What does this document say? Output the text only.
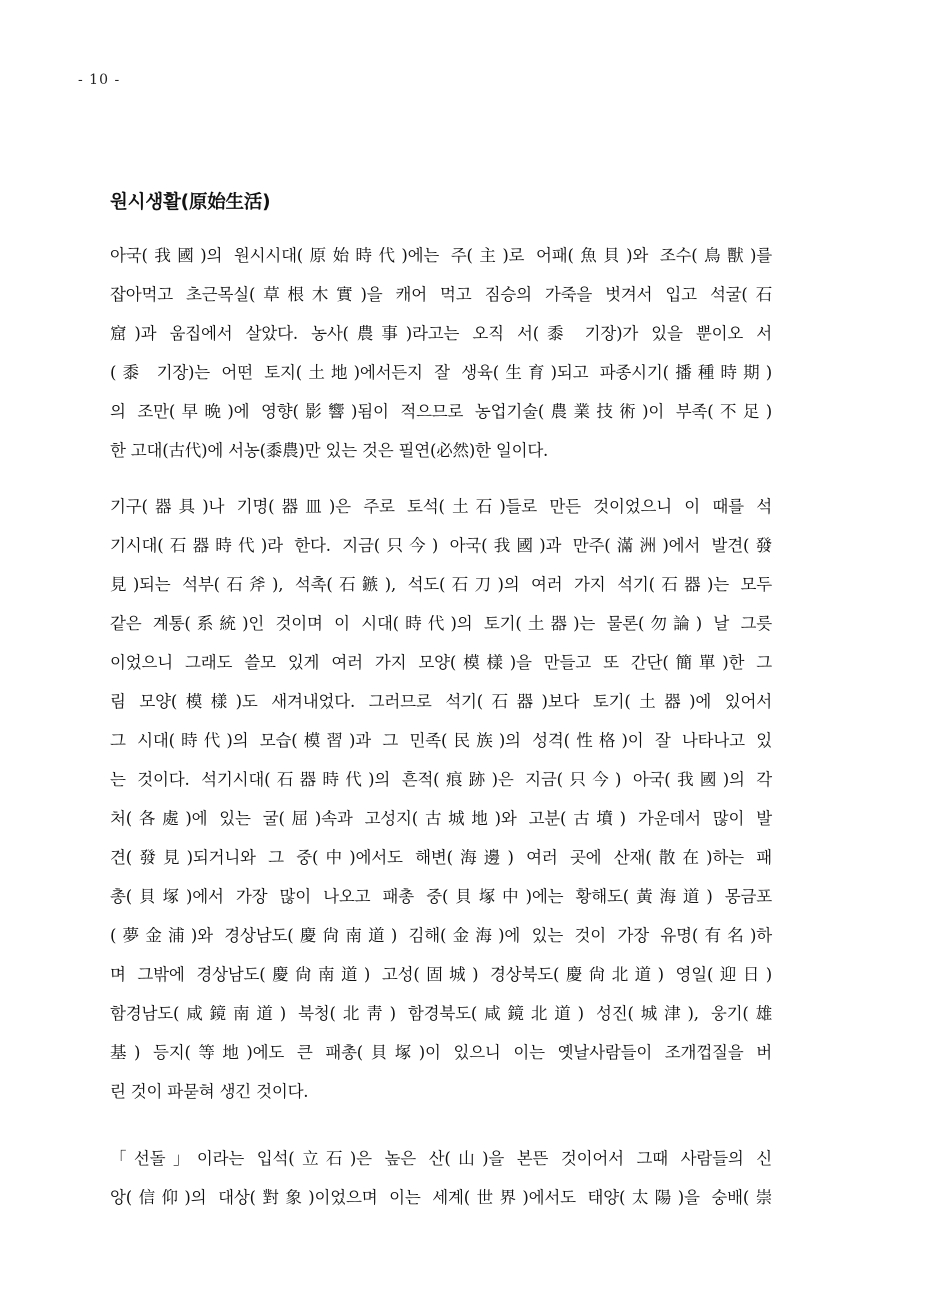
- 10 -
원시생활(原始生活)
아국(我國)의 원시시대(原始時代)에는 주(主)로 어패(魚貝)와 조수(鳥獸)를
잡아먹고 초근목실(草根木實)을 캐어 먹고 짐승의 가죽을 벗겨서 입고 석굴(石
窟)과 움집에서 살았다. 농사(農事)라고는 오직 서(黍 기장)가 있을 뿐이오 서
(黍 기장)는 어떤 토지(土地)에서든지 잘 생육(生育)되고 파종시기(播種時期)
의 조만(早晩)에 영향(影響)됨이 적으므로 농업기술(農業技術)이 부족(不足)
한 고대(古代)에 서농(黍農)만 있는 것은 필연(必然)한 일이다.
기구(器具)나 기명(器皿)은 주로 토석(土石)들로 만든 것이었으니 이 때를 석
기시대(石器時代)라 한다. 지금(只今) 아국(我國)과 만주(滿洲)에서 발견(發
見)되는 석부(石斧), 석촉(石鏃), 석도(石刀)의 여러 가지 석기(石器)는 모두
같은 계통(系統)인 것이며 이 시대(時代)의 토기(土器)는 물론(勿論) 날 그릇
이었으니 그래도 쓸모 있게 여러 가지 모양(模樣)을 만들고 또 간단(簡單)한 그
림 모양(模樣)도 새겨내었다. 그러므로 석기(石器)보다 토기(土器)에 있어서
그 시대(時代)의 모습(模習)과 그 민족(民族)의 성격(性格)이 잘 나타나고 있
는 것이다. 석기시대(石器時代)의 흔적(痕跡)은 지금(只今) 아국(我國)의 각
처(各處)에 있는 굴(屈)속과 고성지(古城地)와 고분(古墳) 가운데서 많이 발
견(發見)되거니와 그 중(中)에서도 해변(海邊) 여러 곳에 산재(散在)하는 패
총(貝塚)에서 가장 많이 나오고 패총 중(貝塚中)에는 황해도(黃海道) 몽금포
(夢金浦)와 경상남도(慶尙南道) 김해(金海)에 있는 것이 가장 유명(有名)하
며 그밖에 경상남도(慶尙南道) 고성(固城) 경상북도(慶尙北道) 영일(迎日)
함경남도(咸鏡南道) 북청(北靑) 함경북도(咸鏡北道) 성진(城津), 웅기(雄
基) 등지(等地)에도 큰 패총(貝塚)이 있으니 이는 옛날사람들이 조개껍질을 버
린 것이 파묻혀 생긴 것이다.
「선돌」이라는 입석(立石)은 높은 산(山)을 본뜬 것이어서 그때 사람들의 신
앙(信仰)의 대상(對象)이었으며 이는 세계(世界)에서도 태양(太陽)을 숭배(崇
